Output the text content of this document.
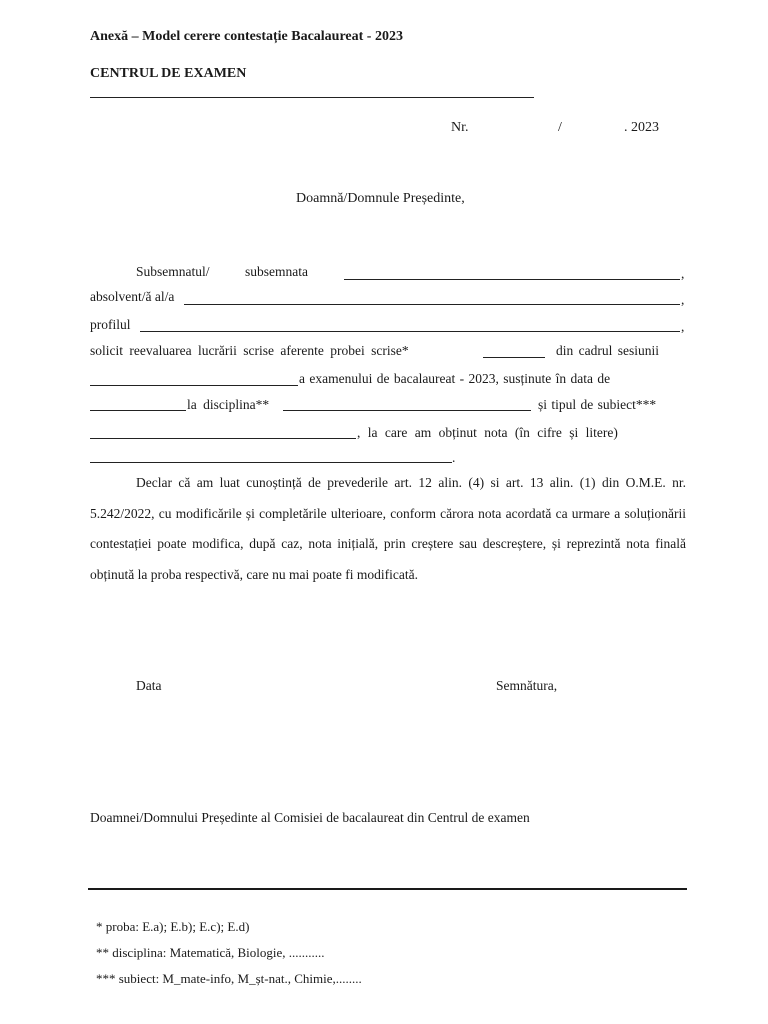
Anexă – Model cerere contestație Bacalaureat - 2023
CENTRUL DE EXAMEN
Nr.	/	. 2023
Doamnă/Domnule Președinte,
Subsemnatul/	subsemnata	,
absolvent/ă al/a	,
profilul	,
solicit reevaluarea lucrării scrise aferente probei scrise*	din cadrul sesiunii
a examenului de bacalaureat - 2023, susținute în data de
la disciplina**	și tipul de subiect***
, la care am obținut nota (în cifre și litere)
.
Declar că am luat cunoștință de prevederile art. 12 alin. (4) si art. 13 alin. (1) din O.M.E. nr. 5.242/2022, cu modificările și completările ulterioare, conform cărora nota acordată ca urmare a soluționării contestației poate modifica, după caz, nota inițială, prin creștere sau descreștere, și reprezintă nota finală obținută la proba respectivă, care nu mai poate fi modificată.
Data	Semnătura,
Doamnei/Domnului Președinte al Comisiei de bacalaureat din Centrul de examen
* proba: E.a); E.b); E.c); E.d)
** disciplina: Matematică, Biologie, ...........
*** subiect: M_mate-info, M_șt-nat., Chimie,........
